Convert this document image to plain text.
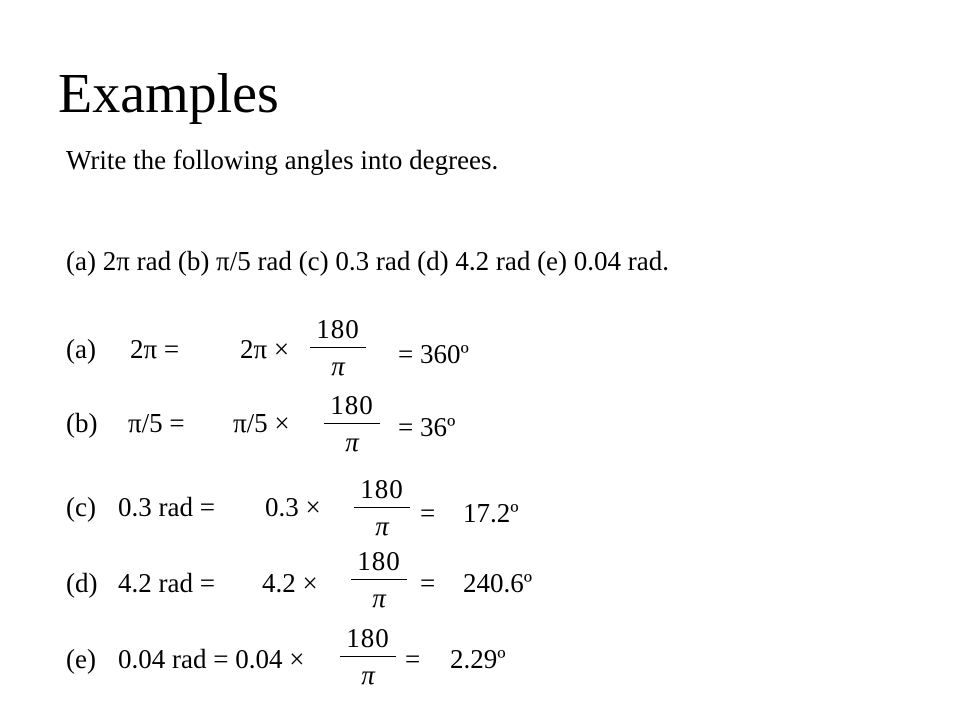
Examples
Write the following angles into degrees.
(a) 2π rad (b) π/5 rad (c) 0.3 rad (d) 4.2 rad (e) 0.04 rad.
(a) 2π = 2π ×
180
π	= 360º
(b) π/5 = π/5 ×
180
π	= 36º
(c) 0.3 rad = 0.3 ×
180
π	= 17.2º
(d) 4.2 rad = 4.2 ×
180
π	= 240.6º
(e) 0.04 rad = 0.04 ×
180
π
= 2.29º
